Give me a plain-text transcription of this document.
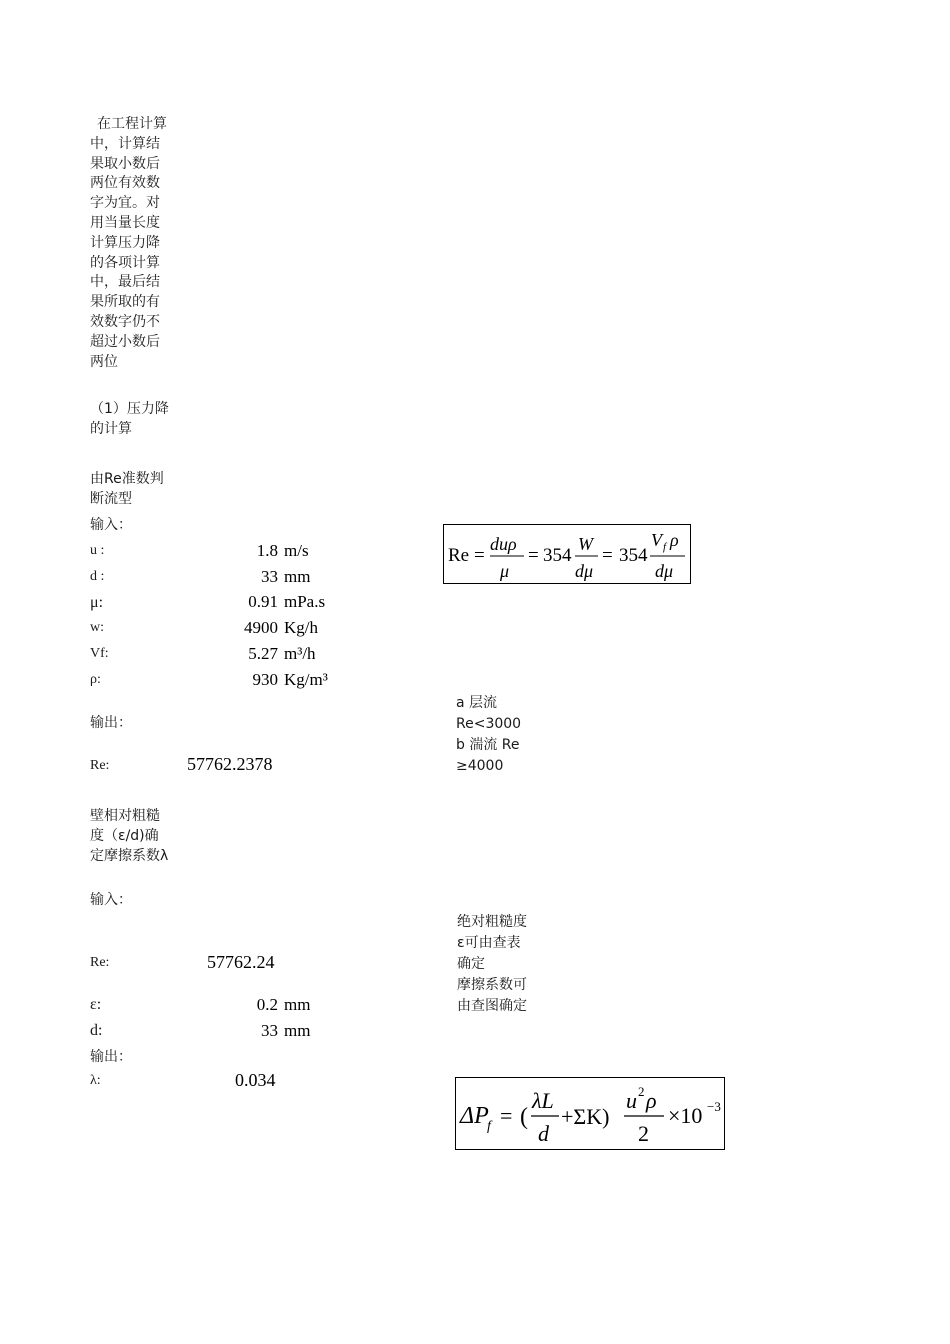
在工程计算中，计算结果取小数后两位有效数字为宜。对用当量长度计算压力降的各项计算中，最后结果所取的有效数字仍不超过小数后两位
（1）压力降的计算
由Re准数判断流型
输入：
u :	1.8 m/s
d :	33 mm
μ:	0.91 mPa.s
w:	4900 Kg/h
Vf:	5.27 m³/h
ρ:	930 Kg/m³
输出：
Re:	57762.2378
Re =
duρ
μ
= 354
W
dμ
= 354
V f ρ
dμ
a 层流
Re<3000
b 湍流 Re
≥4000
壁相对粗糙度（ε/d)确定摩擦系数λ
输入：
Re:	57762.24
ε:	0.2 mm
d:	33 mm
输出：
λ:	0.034
绝对粗糙度
ε可由查表
确定
摩擦系数可
由查图确定
ΔP
f = (
λL
d
+ΣK)
u 2 ρ
2
×10 −3
